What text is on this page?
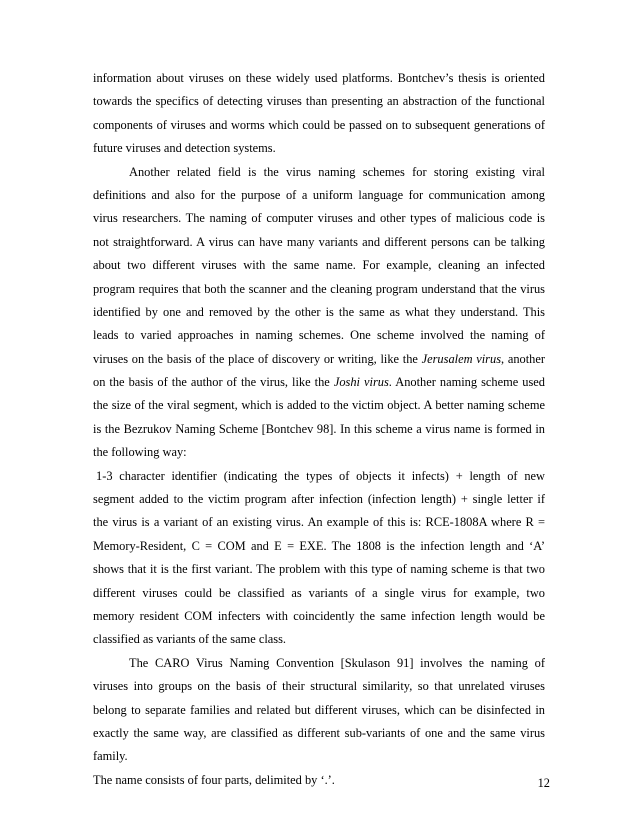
information about viruses on these widely used platforms. Bontchev’s thesis is oriented
towards the specifics of detecting viruses than presenting an abstraction of the functional
components of viruses and worms which could be passed on to subsequent generations of
future viruses and detection systems.
Another related field is the virus naming schemes for storing existing viral
definitions and also for the purpose of a uniform language for communication among
virus researchers. The naming of computer viruses and other types of malicious code is
not straightforward. A virus can have many variants and different persons can be talking
about two different viruses with the same name. For example, cleaning an infected
program requires that both the scanner and the cleaning program understand that the virus
identified by one and removed by the other is the same as what they understand. This
leads to varied approaches in naming schemes. One scheme involved the naming of
viruses on the basis of the place of discovery or writing, like the Jerusalem virus, another
on the basis of the author of the virus, like the Joshi virus. Another naming scheme used
the size of the viral segment, which is added to the victim object. A better naming scheme
is the Bezrukov Naming Scheme [Bontchev 98]. In this scheme a virus name is formed in
the following way:
1-3 character identifier (indicating the types of objects it infects) + length of new
segment added to the victim program after infection (infection length) + single letter if
the virus is a variant of an existing virus. An example of this is: RCE-1808A where R =
Memory-Resident, C = COM and E = EXE. The 1808 is the infection length and ‘A’
shows that it is the first variant. The problem with this type of naming scheme is that two
different viruses could be classified as variants of a single virus for example, two
memory resident COM infecters with coincidently the same infection length would be
classified as variants of the same class.
The CARO Virus Naming Convention [Skulason 91] involves the naming of
viruses into groups on the basis of their structural similarity, so that unrelated viruses
belong to separate families and related but different viruses, which can be disinfected in
exactly the same way, are classified as different sub-variants of one and the same virus
family.
The name consists of four parts, delimited by ‘.’.	12
